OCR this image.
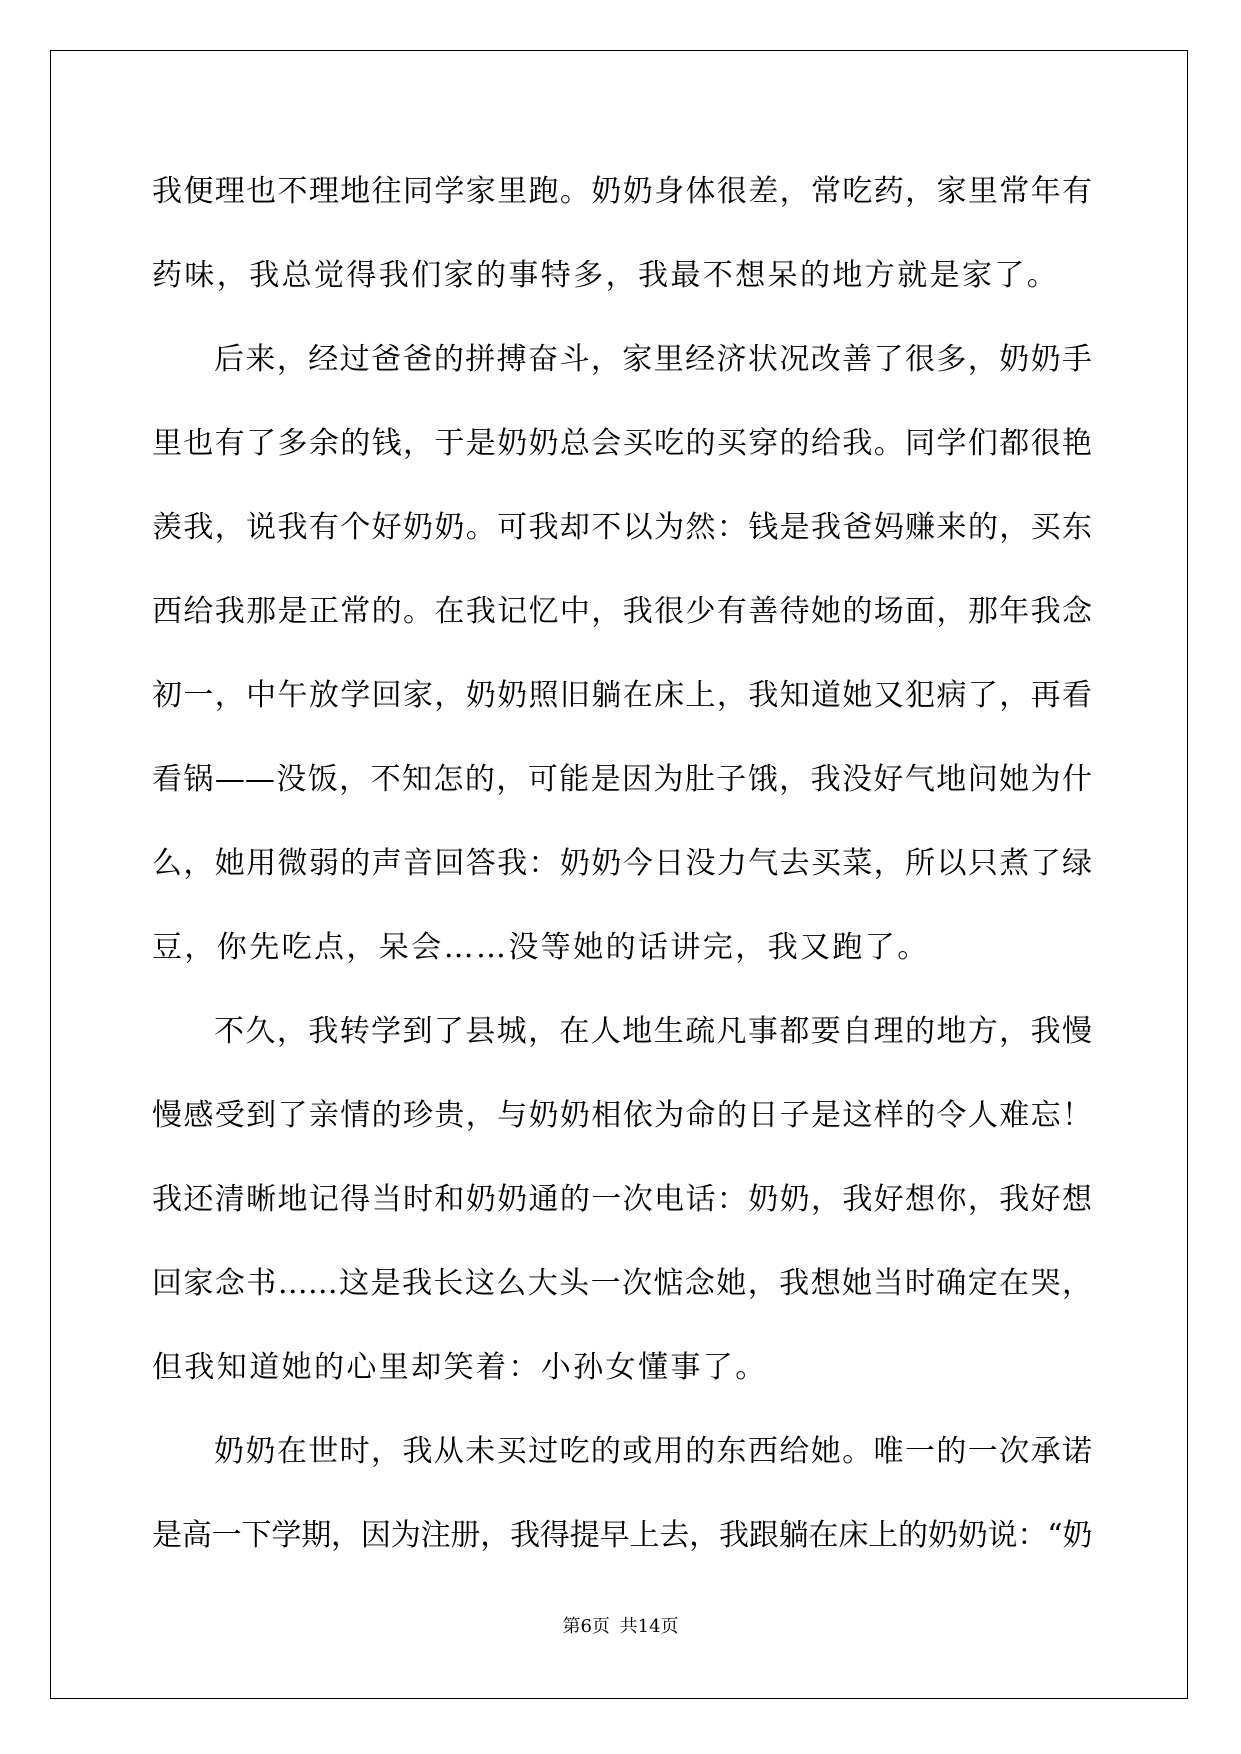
我便理也不理地往同学家里跑。奶奶身体很差，常吃药，家里常年有
药味，我总觉得我们家的事特多，我最不想呆的地方就是家了。
后来，经过爸爸的拼搏奋斗，家里经济状况改善了很多，奶奶手
里也有了多余的钱，于是奶奶总会买吃的买穿的给我。同学们都很艳
羡我，说我有个好奶奶。可我却不以为然：钱是我爸妈赚来的，买东
西给我那是正常的。在我记忆中，我很少有善待她的场面，那年我念
初一，中午放学回家，奶奶照旧躺在床上，我知道她又犯病了，再看
看锅——没饭，不知怎的，可能是因为肚子饿，我没好气地问她为什
么，她用微弱的声音回答我：奶奶今日没力气去买菜，所以只煮了绿
豆，你先吃点，呆会……没等她的话讲完，我又跑了。
不久，我转学到了县城，在人地生疏凡事都要自理的地方，我慢
慢感受到了亲情的珍贵，与奶奶相依为命的日子是这样的令人难忘！
我还清晰地记得当时和奶奶通的一次电话：奶奶，我好想你，我好想
回家念书……这是我长这么大头一次惦念她，我想她当时确定在哭，
但我知道她的心里却笑着：小孙女懂事了。
奶奶在世时，我从未买过吃的或用的东西给她。唯一的一次承诺
是高一下学期，因为注册，我得提早上去，我跟躺在床上的奶奶说：“奶
第6页 共14页
